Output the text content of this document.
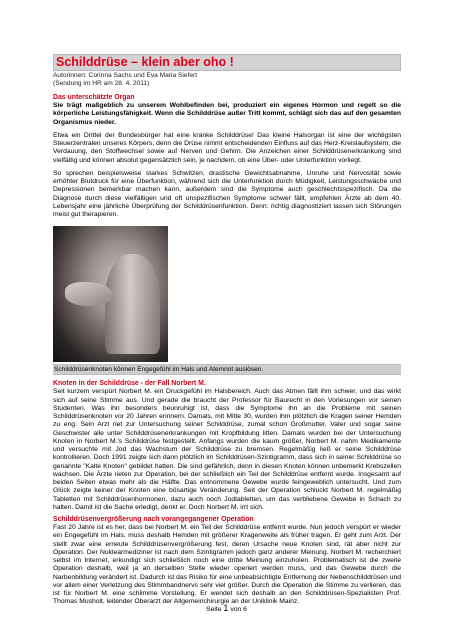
Schilddrüse – klein aber oho !
Autorinnen: Corinna Sachs und Eva Maria Siefert
(Sendung im HR am 28. 4. 2011)
Das unterschätzte Organ

Sie trägt maßgeblich zu unserem Wohlbefinden bei, produziert ein eigenes Hormon und regelt so die körperliche Leistungsfähigkeit. Wenn die Schilddrüse außer Tritt kommt, schlägt sich das auf den gesamten Organismus nieder.

Etwa ein Drittel der Bundesbürger hat eine kranke Schilddrüse! Das kleine Halsorgan ist eine der wichtigsten Steuerzentralen unseres Körpers, denn die Drüse nimmt entscheidenden Einfluss auf das Herz-Kreislaufsystem, die Verdauung, den Stoffwechsel sowie auf Nerven und Gehirn. Die Anzeichen einer Schilddrüsenerkrankung sind vielfältig und können absolut gegensätzlich sein, je nachdem, ob eine Über- oder Unterfunktion vorliegt.

So sprechen beispielsweise starkes Schwitzen, drastische Gewichtsabnahme, Unruhe und Nervosität sowie erhöhter Blutdruck für eine Überfunktion, während sich die Unterfunktion durch Müdigkeit, Leistungsschwäche und Depressionen bemerkbar machen kann, außerdem sind die Symptome auch geschlechtsspezifisch. Da die Diagnose durch diese vielfältigen und oft unspezifischen Symptome schwer fällt, empfehlen Ärzte ab dem 40. Lebensjahr eine jährliche Überprüfung der Schilddrüsenfunktion. Denn: richtig diagnostiziert lassen sich Störungen meist gut therapieren.

Schilddrüsenknoten können Engegefühl im Hals und Atemnot auslösen.
Knoten in der Schilddrüse - der Fall Norbert M.

Seit kurzem verspürt Norbert M. ein Druckgefühl im Halsbereich. Auch das Atmen fällt ihm schwer, und das wirkt sich auf seine Stimme aus. Und gerade die braucht der Professor für Baurecht in den Vorlesungen vor seinen Studenten. Was ihn besonders beunruhigt ist, dass die Symptome ihn an die Probleme mit seinen Schilddrüsenknoten vor 20 Jahren erinnern. Damals, mit Mitte 30, wurden ihm plötzlich die Kragen seiner Hemden zu eng. Sein Arzt riet zur Untersuchung seiner Schilddrüse, zumal schon Großmutter, Vater und sogar seine Geschwister alle unter Schilddrüsenerkrankungen mit Kropfbildung litten. Damals wurden bei der Untersuchung Knoten in Norbert M.'s Schilddrüse festgestellt. Anfangs wurden die kaum größer, Norbert M. nahm Medikamente und versuchte mit Jod das Wachstum der Schilddrüse zu bremsen. Regelmäßig ließ er seine Schilddrüse kontrollieren. Doch 1991 zeigte sich dann plötzlich im Schilddrüsen-Szintigramm, dass sich in seiner Schilddrüse so genannte "Kalte Knoten" gebildet hatten. Die sind gefährlich, denn in diesen Knoten können unbemerkt Krebszellen wachsen. Die Ärzte rieten zur Operation, bei der schließlich ein Teil der Schilddrüse entfernt wurde. Insgesamt auf beiden Seiten etwas mehr als die Hälfte. Das entnommene Gewebe wurde feingeweblich untersucht. Und zum Glück zeigte keiner der Knoten eine bösartige Veränderung. Seit der Operation schluckt Norbert M. regelmäßig Tabletten mit Schilddrüsenhormonen, dazu auch noch Jodtabletten, um das verbliebene Gewebe in Schach zu halten. Damit ist die Sache erledigt, denkt er. Doch Norbert M. irrt sich.

Schilddrüsenvergrößerung nach vorangegangener Operation

Fast 20 Jahre ist es her, dass bei Norbert M. ein Teil der Schilddrüse entfernt wurde. Nun jedoch verspürt er wieder ein Engegefühl im Hals, muss deshalb Hemden mit größerer Kragenweite als früher tragen. Er geht zum Arzt. Der stellt zwar eine erneute Schilddrüsenvergrößerung fest, deren Ursache neue Knoten sind, rät aber nicht zur Operation. Der Nuklearmediziner ist nach dem Szintigramm jedoch ganz anderer Meinung. Norbert M. recherchiert selbst im Internet, erkundigt sich schließlich noch eine dritte Meinung einzuholen. Problematisch ist die zweite Operation deshalb, weil ja an derselben Stelle wieder operiert werden muss, und das Gewebe durch die Narbenbildung verändert ist. Dadurch ist das Risiko für eine unbeabsichtigte Entfernung der Nebenschilddrüsen und vor allem einer Verletzung des Stimmbandnervs sehr viel größer. Durch die Operation die Stimme zu verlieren, das ist für Norbert M. eine schlimme Vorstellung. Er wendet sich deshalb an den Schilddrüsen-Spezialisten Prof. Thomas Musholt, leitender Oberarzt der Allgemeinchirurgie an der Uniklinik Mainz.

Seite 1 von 6
